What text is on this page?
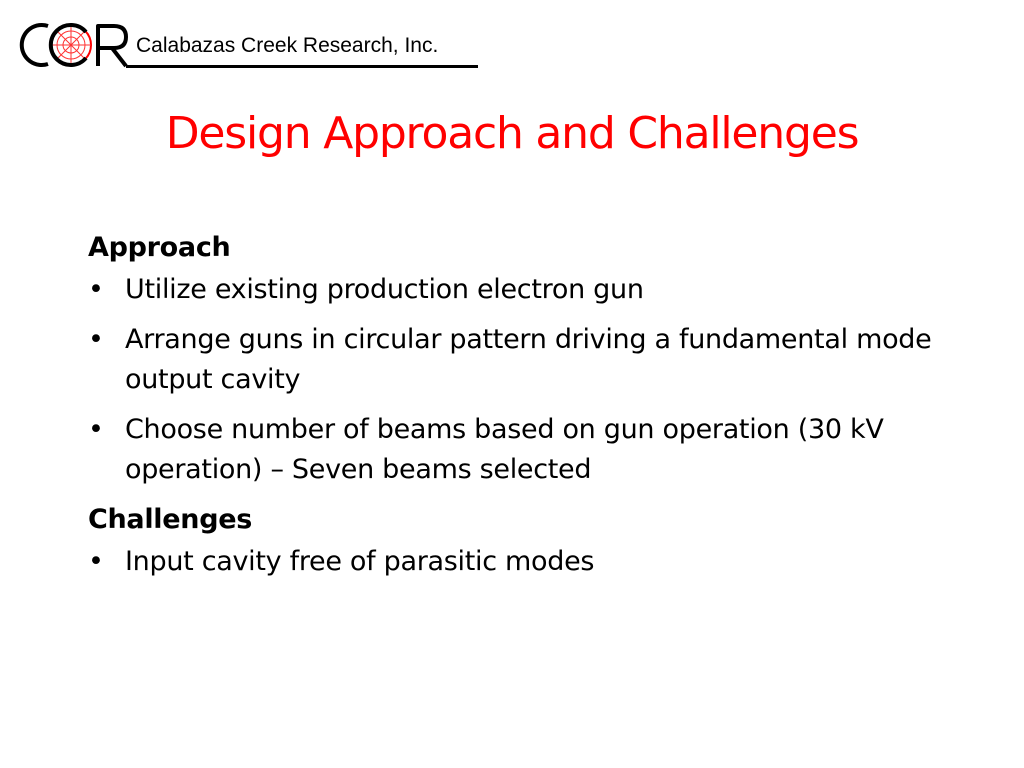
Calabazas Creek Research, Inc.
Design Approach and Challenges

Approach

• Utilize existing production electron gun
• Arrange guns in circular pattern driving a fundamental mode output cavity
• Choose number of beams based on gun operation (30 kV operation) – Seven beams selected

Challenges

• Input cavity free of parasitic modes
